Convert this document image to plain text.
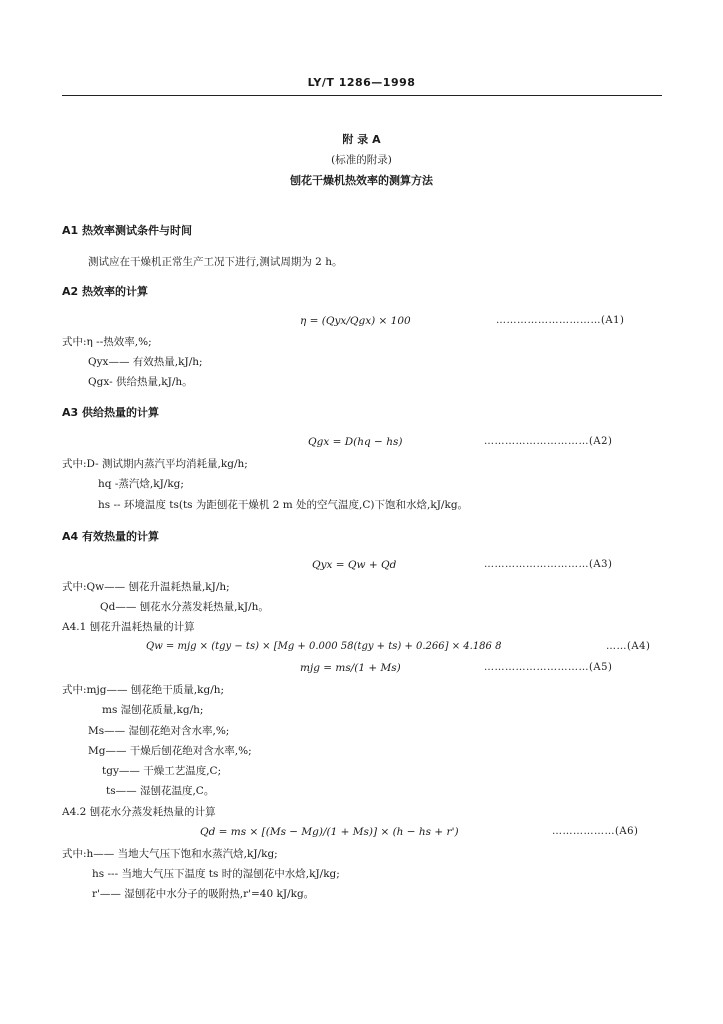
LY/T 1286—1998
附 录 A
(标准的附录)
刨花干燥机热效率的测算方法
A1 热效率测试条件与时间
测试应在干燥机正常生产工况下进行,测试周期为 2 h。
A2 热效率的计算
η = (Qyx/Qgx) × 100	…………………………(A1)
式中:η --热效率,%;
Qyx—— 有效热量,kJ/h;
Qgx- 供给热量,kJ/h。
A3 供给热量的计算
Qgx = D(hq − hs)	…………………………(A2)
式中:D- 测试期内蒸汽平均消耗量,kg/h;
hq -蒸汽焓,kJ/kg;
hs -- 环境温度 ts(ts 为距刨花干燥机 2 m 处的空气温度,C)下饱和水焓,kJ/kg。
A4 有效热量的计算
Qyx = Qw + Qd	…………………………(A3)
式中:Qw—— 刨花升温耗热量,kJ/h;
Qd—— 刨花水分蒸发耗热量,kJ/h。
A4.1 刨花升温耗热量的计算
Qw = mjg × (tgy − ts) × [Mg + 0.000 58(tgy + ts) + 0.266] × 4.186 8	……(A4)
mjg = ms/(1 + Ms)	…………………………(A5)
式中:mjg—— 刨花绝干质量,kg/h;
ms 湿刨花质量,kg/h;
Ms—— 湿刨花绝对含水率,%;
Mg—— 干燥后刨花绝对含水率,%;
tgy—— 干燥工艺温度,C;
ts—— 湿刨花温度,C。
A4.2 刨花水分蒸发耗热量的计算
Qd = ms × [(Ms − Mg)/(1 + Ms)] × (h − hs + r')	………………(A6)
式中:h—— 当地大气压下饱和水蒸汽焓,kJ/kg;
hs --- 当地大气压下温度 ts 时的湿刨花中水焓,kJ/kg;
r'—— 湿刨花中水分子的吸附热,r'=40 kJ/kg。
